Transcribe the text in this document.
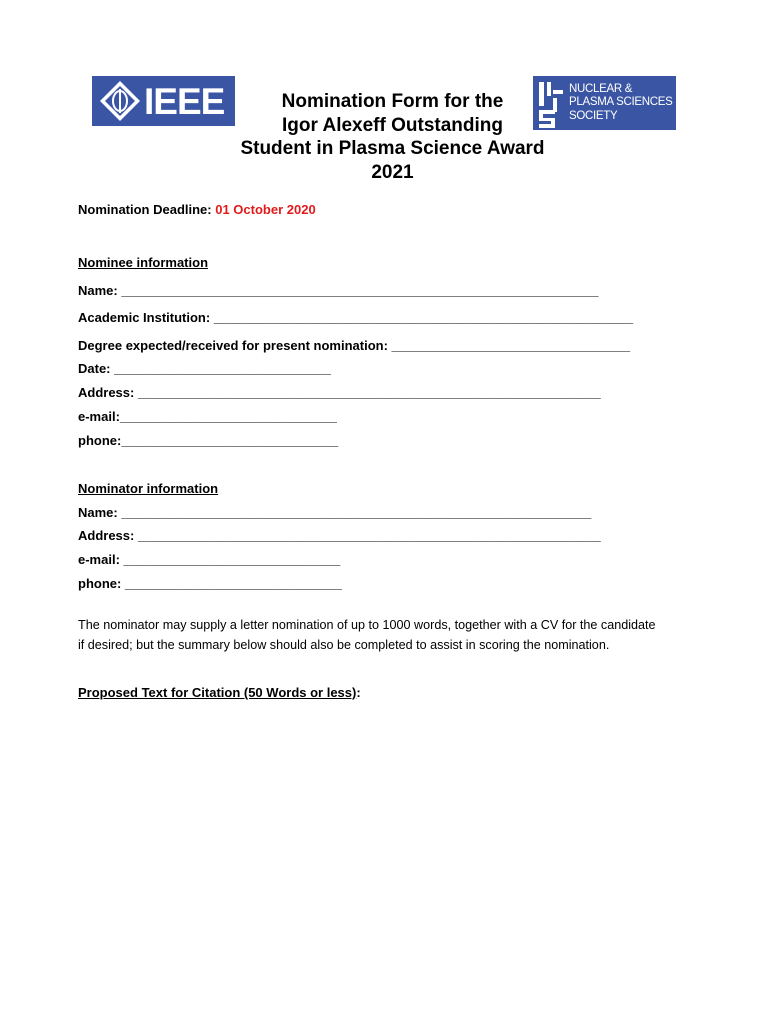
IEEE	NUCLEAR &
PLASMA SCIENCES
SOCIETY
Nomination Form for the
Igor Alexeff Outstanding
Student in Plasma Science Award
2021
Nomination Deadline: 01 October 2020
Nominee information
Name: __________________________________________________________________
Academic Institution: __________________________________________________________
Degree expected/received for present nomination: _________________________________
Date: ______________________________
Address: ________________________________________________________________
e-mail:______________________________
phone:______________________________
Nominator information
Name: _________________________________________________________________
Address: ________________________________________________________________
e-mail: ______________________________
phone: ______________________________
The nominator may supply a letter nomination of up to 1000 words, together with a CV for the candidate
if desired; but the summary below should also be completed to assist in scoring the nomination.
Proposed Text for Citation (50 Words or less):
